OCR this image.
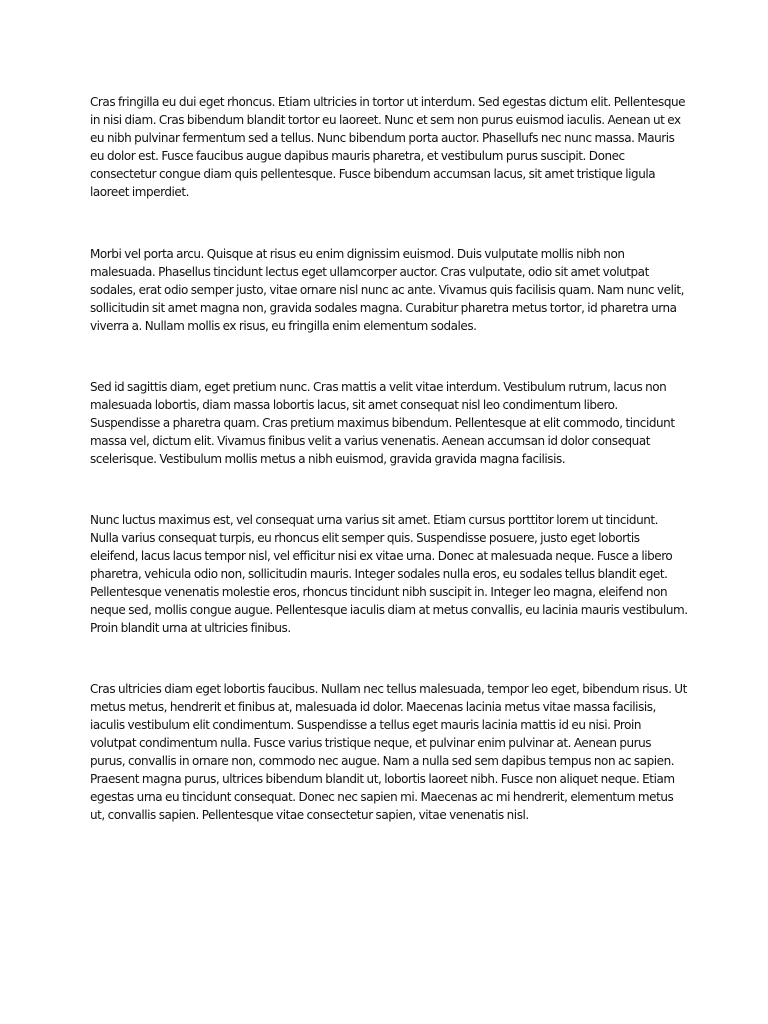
Cras fringilla eu dui eget rhoncus. Etiam ultricies in tortor ut interdum. Sed egestas dictum elit. Pellentesque in nisi diam. Cras bibendum blandit tortor eu laoreet. Nunc et sem non purus euismod iaculis. Aenean ut ex eu nibh pulvinar fermentum sed a tellus. Nunc bibendum porta auctor. Phasellufs nec nunc massa. Mauris eu dolor est. Fusce faucibus augue dapibus mauris pharetra, et vestibulum purus suscipit. Donec consectetur congue diam quis pellentesque. Fusce bibendum accumsan lacus, sit amet tristique ligula laoreet imperdiet.

Morbi vel porta arcu. Quisque at risus eu enim dignissim euismod. Duis vulputate mollis nibh non malesuada. Phasellus tincidunt lectus eget ullamcorper auctor. Cras vulputate, odio sit amet volutpat sodales, erat odio semper justo, vitae ornare nisl nunc ac ante. Vivamus quis facilisis quam. Nam nunc velit, sollicitudin sit amet magna non, gravida sodales magna. Curabitur pharetra metus tortor, id pharetra urna viverra a. Nullam mollis ex risus, eu fringilla enim elementum sodales.

Sed id sagittis diam, eget pretium nunc. Cras mattis a velit vitae interdum. Vestibulum rutrum, lacus non malesuada lobortis, diam massa lobortis lacus, sit amet consequat nisl leo condimentum libero. Suspendisse a pharetra quam. Cras pretium maximus bibendum. Pellentesque at elit commodo, tincidunt massa vel, dictum elit. Vivamus finibus velit a varius venenatis. Aenean accumsan id dolor consequat scelerisque. Vestibulum mollis metus a nibh euismod, gravida gravida magna facilisis.

Nunc luctus maximus est, vel consequat urna varius sit amet. Etiam cursus porttitor lorem ut tincidunt. Nulla varius consequat turpis, eu rhoncus elit semper quis. Suspendisse posuere, justo eget lobortis eleifend, lacus lacus tempor nisl, vel efficitur nisi ex vitae urna. Donec at malesuada neque. Fusce a libero pharetra, vehicula odio non, sollicitudin mauris. Integer sodales nulla eros, eu sodales tellus blandit eget. Pellentesque venenatis molestie eros, rhoncus tincidunt nibh suscipit in. Integer leo magna, eleifend non neque sed, mollis congue augue. Pellentesque iaculis diam at metus convallis, eu lacinia mauris vestibulum. Proin blandit urna at ultricies finibus.

Cras ultricies diam eget lobortis faucibus. Nullam nec tellus malesuada, tempor leo eget, bibendum risus. Ut metus metus, hendrerit et finibus at, malesuada id dolor. Maecenas lacinia metus vitae massa facilisis, iaculis vestibulum elit condimentum. Suspendisse a tellus eget mauris lacinia mattis id eu nisi. Proin volutpat condimentum nulla. Fusce varius tristique neque, et pulvinar enim pulvinar at. Aenean purus purus, convallis in ornare non, commodo nec augue. Nam a nulla sed sem dapibus tempus non ac sapien. Praesent magna purus, ultrices bibendum blandit ut, lobortis laoreet nibh. Fusce non aliquet neque. Etiam egestas urna eu tincidunt consequat. Donec nec sapien mi. Maecenas ac mi hendrerit, elementum metus ut, convallis sapien. Pellentesque vitae consectetur sapien, vitae venenatis nisl.
